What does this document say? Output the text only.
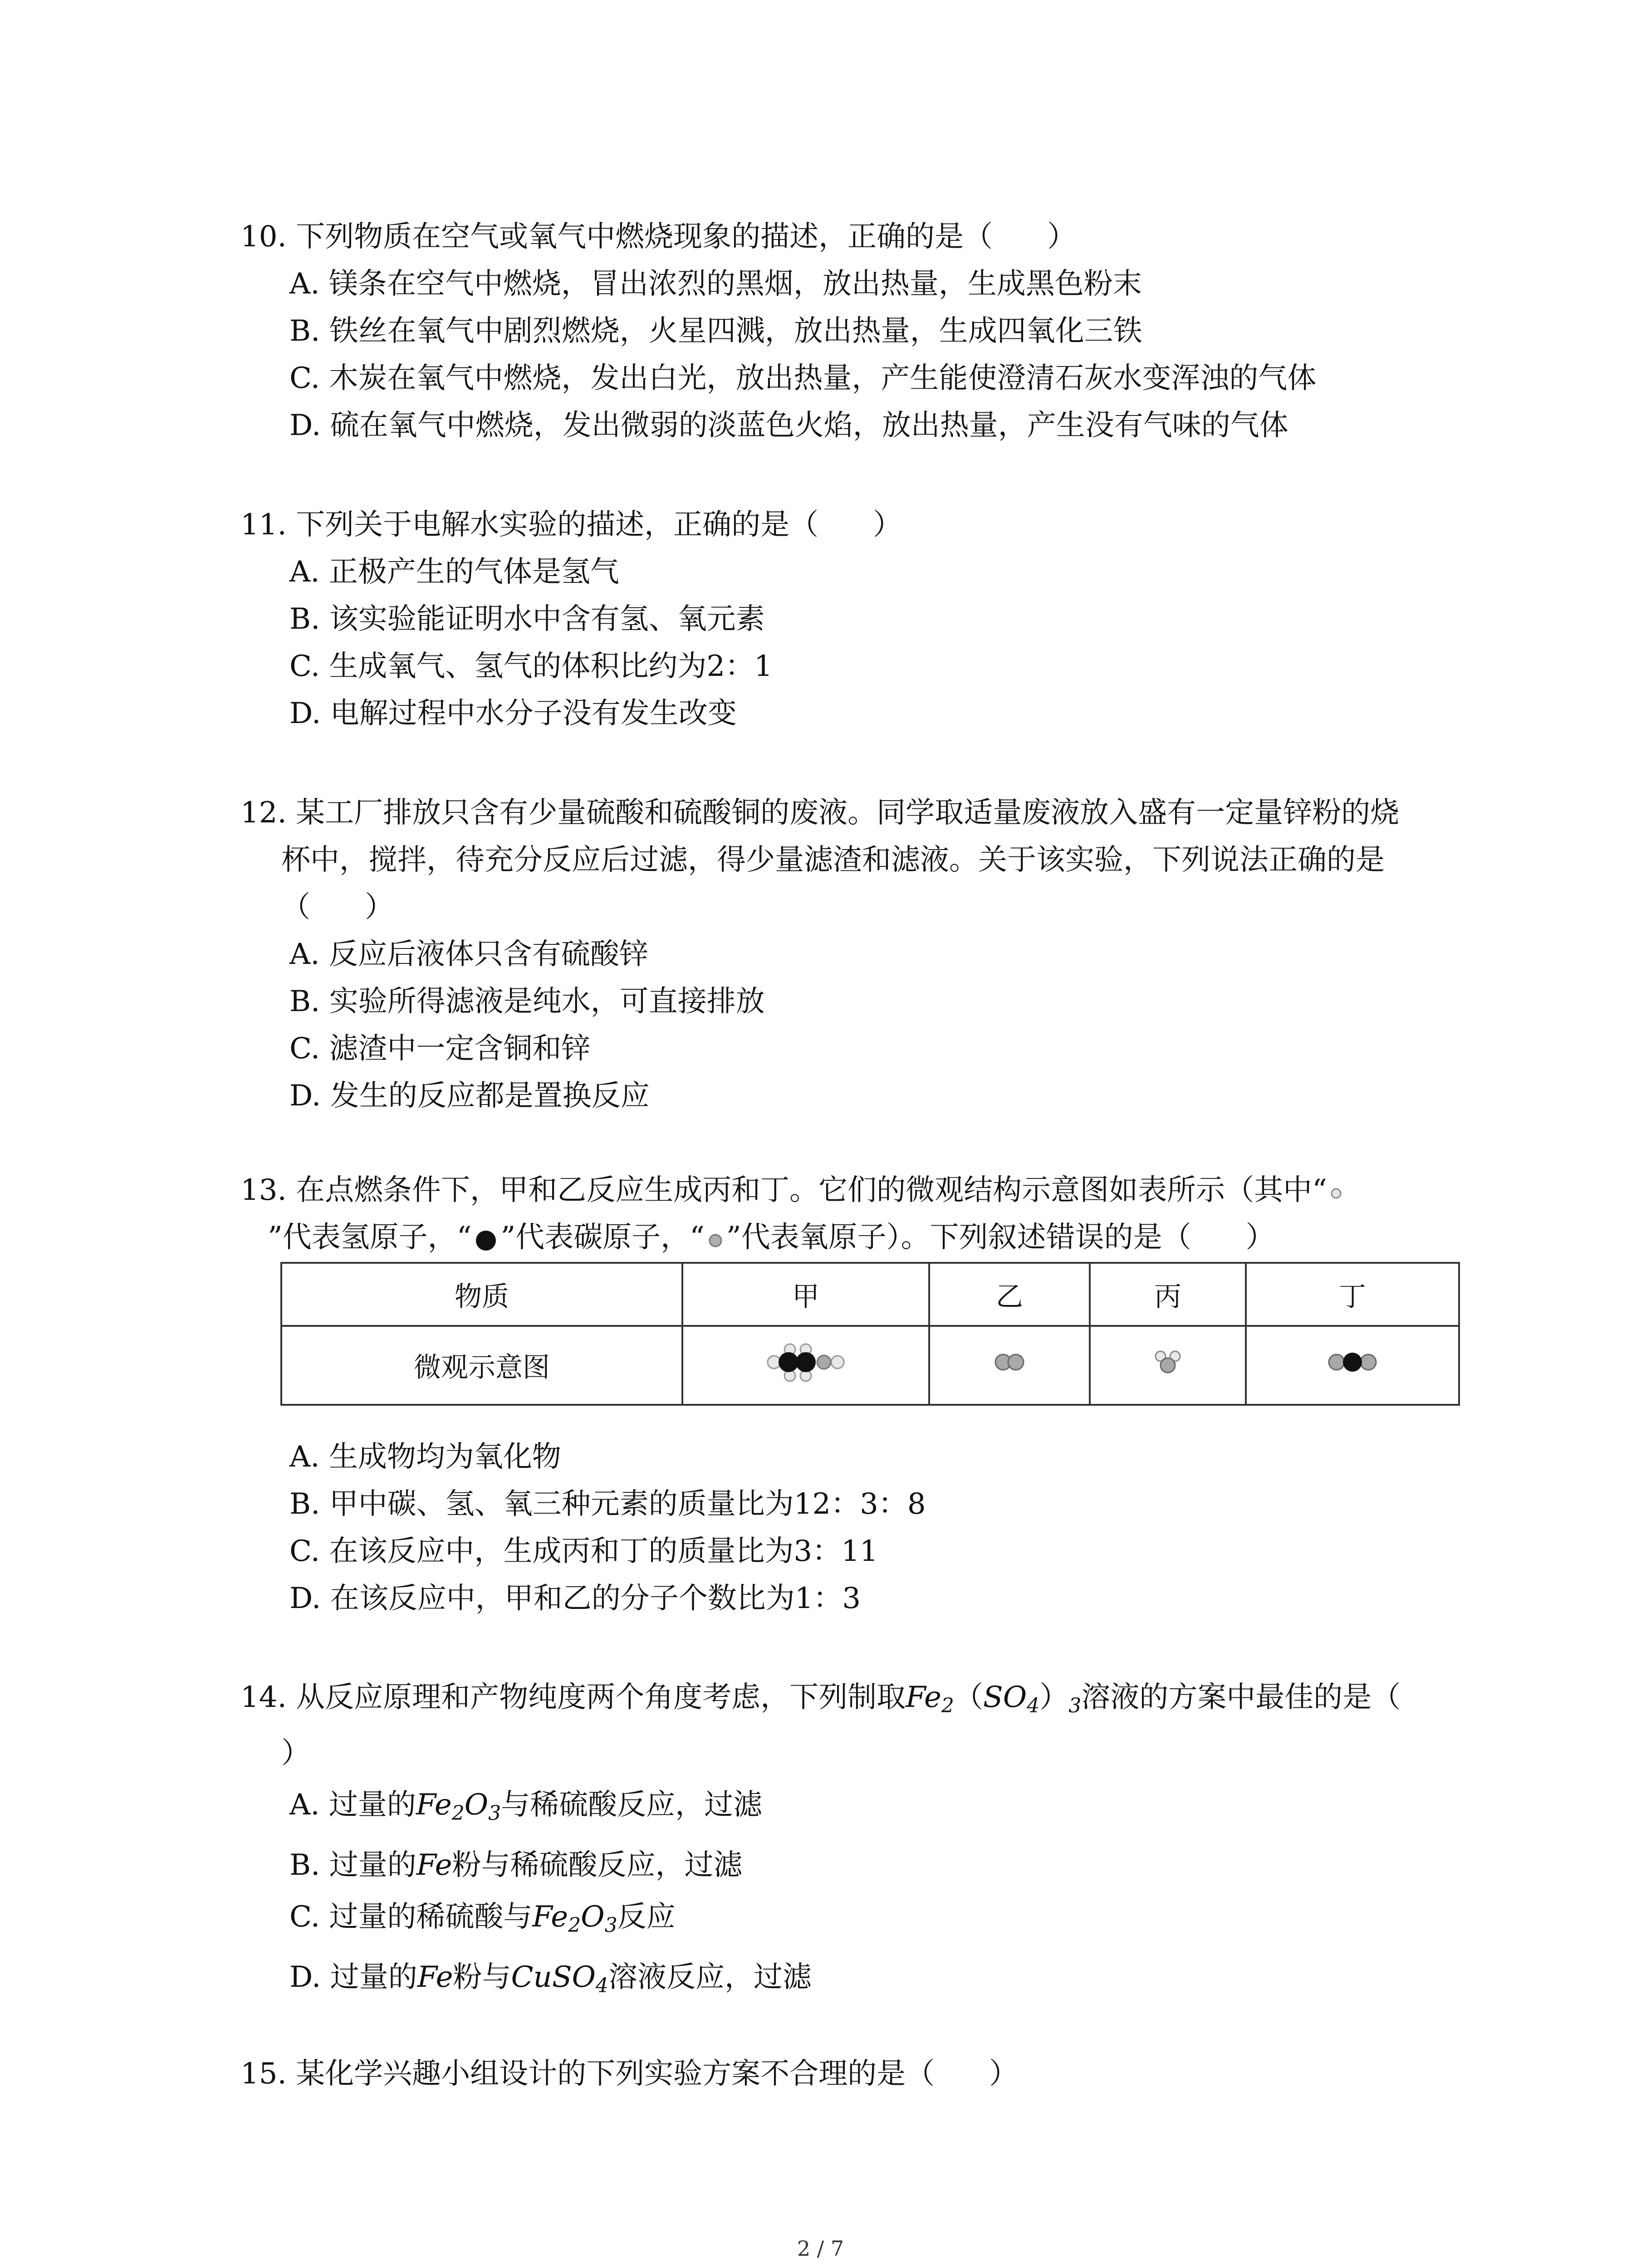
10. 下列物质在空气或氧气中燃烧现象的描述，正确的是（ ）
A. 镁条在空气中燃烧，冒出浓烈的黑烟，放出热量，生成黑色粉末
B. 铁丝在氧气中剧烈燃烧，火星四溅，放出热量，生成四氧化三铁
C. 木炭在氧气中燃烧，发出白光，放出热量，产生能使澄清石灰水变浑浊的气体
D. 硫在氧气中燃烧，发出微弱的淡蓝色火焰，放出热量，产生没有气味的气体
11. 下列关于电解水实验的描述，正确的是（ ）
A. 正极产生的气体是氢气
B. 该实验能证明水中含有氢、氧元素
C. 生成氧气、氢气的体积比约为2：1
D. 电解过程中水分子没有发生改变
12. 某工厂排放只含有少量硫酸和硫酸铜的废液。同学取适量废液放入盛有一定量锌粉的烧
杯中，搅拌，待充分反应后过滤，得少量滤渣和滤液。关于该实验，下列说法正确的是
（ ）
A. 反应后液体只含有硫酸锌
B. 实验所得滤液是纯水，可直接排放
C. 滤渣中一定含铜和锌
D. 发生的反应都是置换反应
13. 在点燃条件下，甲和乙反应生成丙和丁。它们的微观结构示意图如表所示（其中“
”代表氢原子，“ ”代表碳原子，“ ”代表氧原子）。下列叙述错误的是（ ）
物质	甲	乙	丙	丁
微观示意图				
A. 生成物均为氧化物
B. 甲中碳、氢、氧三种元素的质量比为12：3：8
C. 在该反应中，生成丙和丁的质量比为3：11
D. 在该反应中，甲和乙的分子个数比为1：3
14. 从反应原理和产物纯度两个角度考虑，下列制取$Fe_2(SO_4)_3$溶液的方案中最佳的是（
）
A. 过量的$Fe_2O_3$与稀硫酸反应，过滤
B. 过量的Fe粉与稀硫酸反应，过滤
C. 过量的稀硫酸与$Fe_2O_3$反应
D. 过量的Fe粉与CuSO$_4$溶液反应，过滤
15. 某化学兴趣小组设计的下列实验方案不合理的是（ ）
2 / 7
